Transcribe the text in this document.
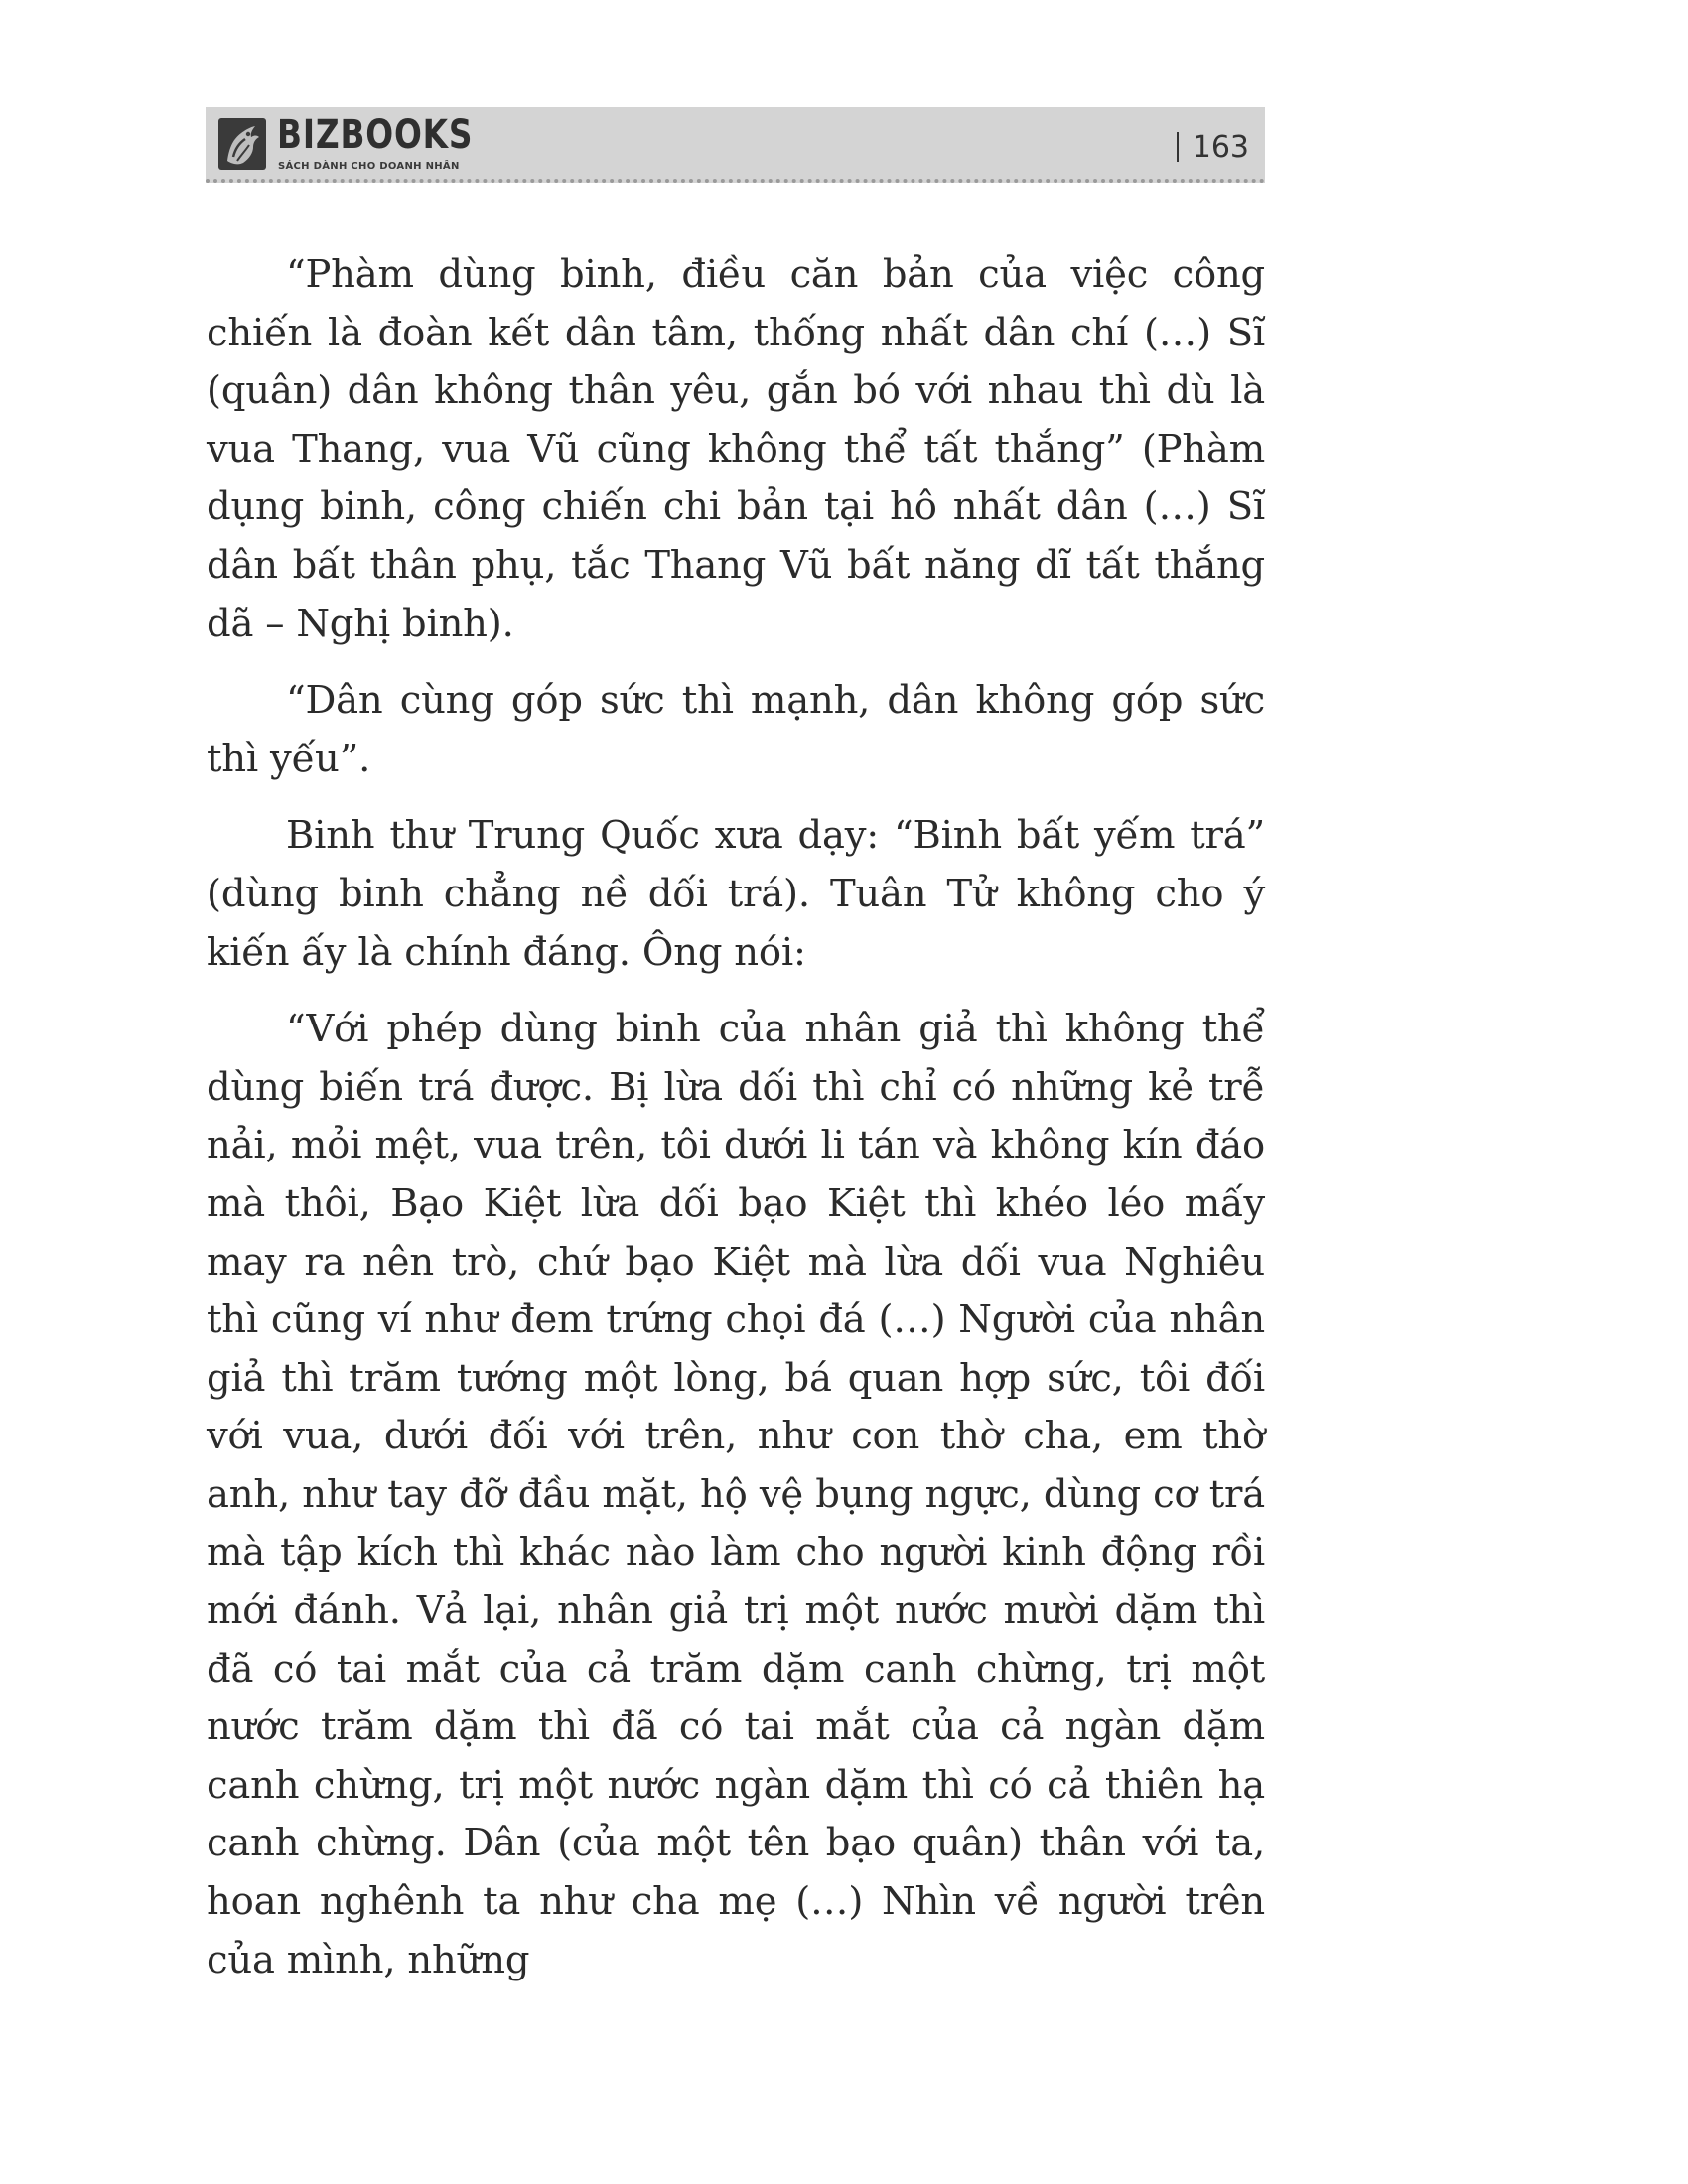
BIZBOOKS
SÁCH DÀNH CHO DOANH NHÂN
163

“Phàm dùng binh, điều căn bản của việc công chiến là đoàn kết dân tâm, thống nhất dân chí (…) Sĩ (quân) dân không thân yêu, gắn bó với nhau thì dù là vua Thang, vua Vũ cũng không thể tất thắng” (Phàm dụng binh, công chiến chi bản tại hô nhất dân (…) Sĩ dân bất thân phụ, tắc Thang Vũ bất năng dĩ tất thắng dã – Nghị binh).

“Dân cùng góp sức thì mạnh, dân không góp sức thì yếu”.

Binh thư Trung Quốc xưa dạy: “Binh bất yếm trá” (dùng binh chẳng nề dối trá). Tuân Tử không cho ý kiến ấy là chính đáng. Ông nói:

“Với phép dùng binh của nhân giả thì không thể dùng biến trá được. Bị lừa dối thì chỉ có những kẻ trễ nải, mỏi mệt, vua trên, tôi dưới li tán và không kín đáo mà thôi, Bạo Kiệt lừa dối bạo Kiệt thì khéo léo mấy may ra nên trò, chứ bạo Kiệt mà lừa dối vua Nghiêu thì cũng ví như đem trứng chọi đá (…) Người của nhân giả thì trăm tướng một lòng, bá quan hợp sức, tôi đối với vua, dưới đối với trên, như con thờ cha, em thờ anh, như tay đỡ đầu mặt, hộ vệ bụng ngực, dùng cơ trá mà tập kích thì khác nào làm cho người kinh động rồi mới đánh. Vả lại, nhân giả trị một nước mười dặm thì đã có tai mắt của cả trăm dặm canh chừng, trị một nước trăm dặm thì đã có tai mắt của cả ngàn dặm canh chừng, trị một nước ngàn dặm thì có cả thiên hạ canh chừng. Dân (của một tên bạo quân) thân với ta, hoan nghênh ta như cha mẹ (…) Nhìn về người trên của mình, những
